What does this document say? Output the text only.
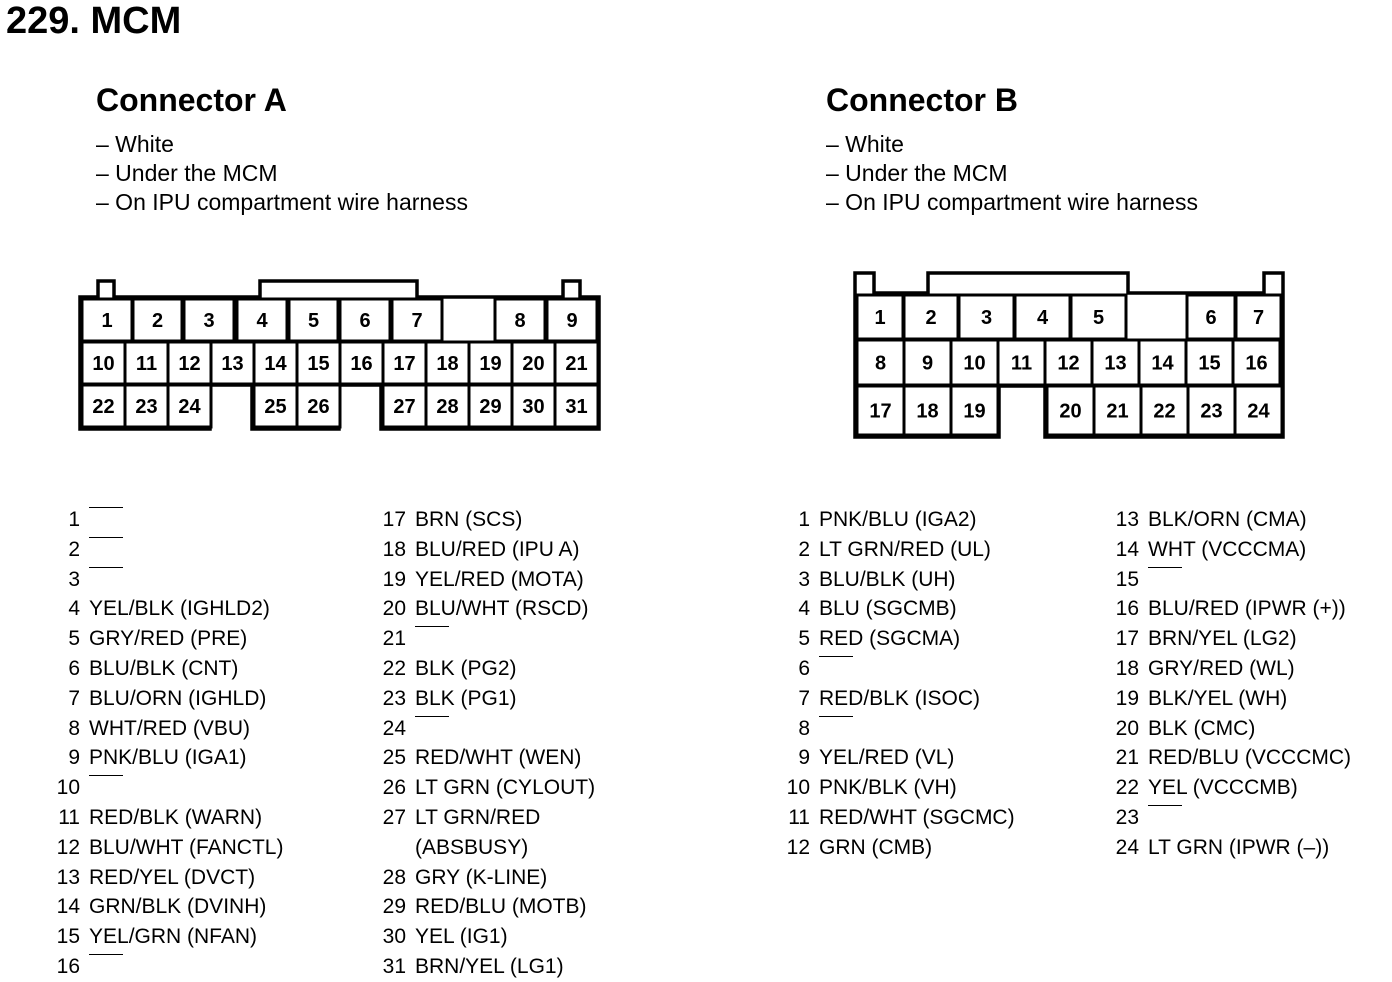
229. MCM
Connector A
– White
– Under the MCM
– On IPU compartment wire harness
Connector B
– White
– Under the MCM
– On IPU compartment wire harness
1 2 3 4 5 6 7	8 9
10 11 12 13 14 15 16 17 18 19 20 21
22 23 24	25 26	27 28 29 30 31
1 2 3 4 5	6 7
8 9 10 11 12 13 14 15 16
17 18 19	20 21 22 23 24
1
2
3
4 YEL/BLK (IGHLD2)
5 GRY/RED (PRE)
6 BLU/BLK (CNT)
7 BLU/ORN (IGHLD)
8 WHT/RED (VBU)
9 PNK/BLU (IGA1)
10
11 RED/BLK (WARN)
12 BLU/WHT (FANCTL)
13 RED/YEL (DVCT)
14 GRN/BLK (DVINH)
15 YEL/GRN (NFAN)
16
17 BRN (SCS)
18 BLU/RED (IPU A)
19 YEL/RED (MOTA)
20 BLU/WHT (RSCD)
21
22 BLK (PG2)
23 BLK (PG1)
24
25 RED/WHT (WEN)
26 LT GRN (CYLOUT)
27 LT GRN/RED
(ABSBUSY)
28 GRY (K-LINE)
29 RED/BLU (MOTB)
30 YEL (IG1)
31 BRN/YEL (LG1)
1 PNK/BLU (IGA2)
2 LT GRN/RED (UL)
3 BLU/BLK (UH)
4 BLU (SGCMB)
5 RED (SGCMA)
6
7 RED/BLK (ISOC)
8
9 YEL/RED (VL)
10 PNK/BLK (VH)
11 RED/WHT (SGCMC)
12 GRN (CMB)
13 BLK/ORN (CMA)
14 WHT (VCCCMA)
15
16 BLU/RED (IPWR (+))
17 BRN/YEL (LG2)
18 GRY/RED (WL)
19 BLK/YEL (WH)
20 BLK (CMC)
21 RED/BLU (VCCCMC)
22 YEL (VCCCMB)
23
24 LT GRN (IPWR (–))
